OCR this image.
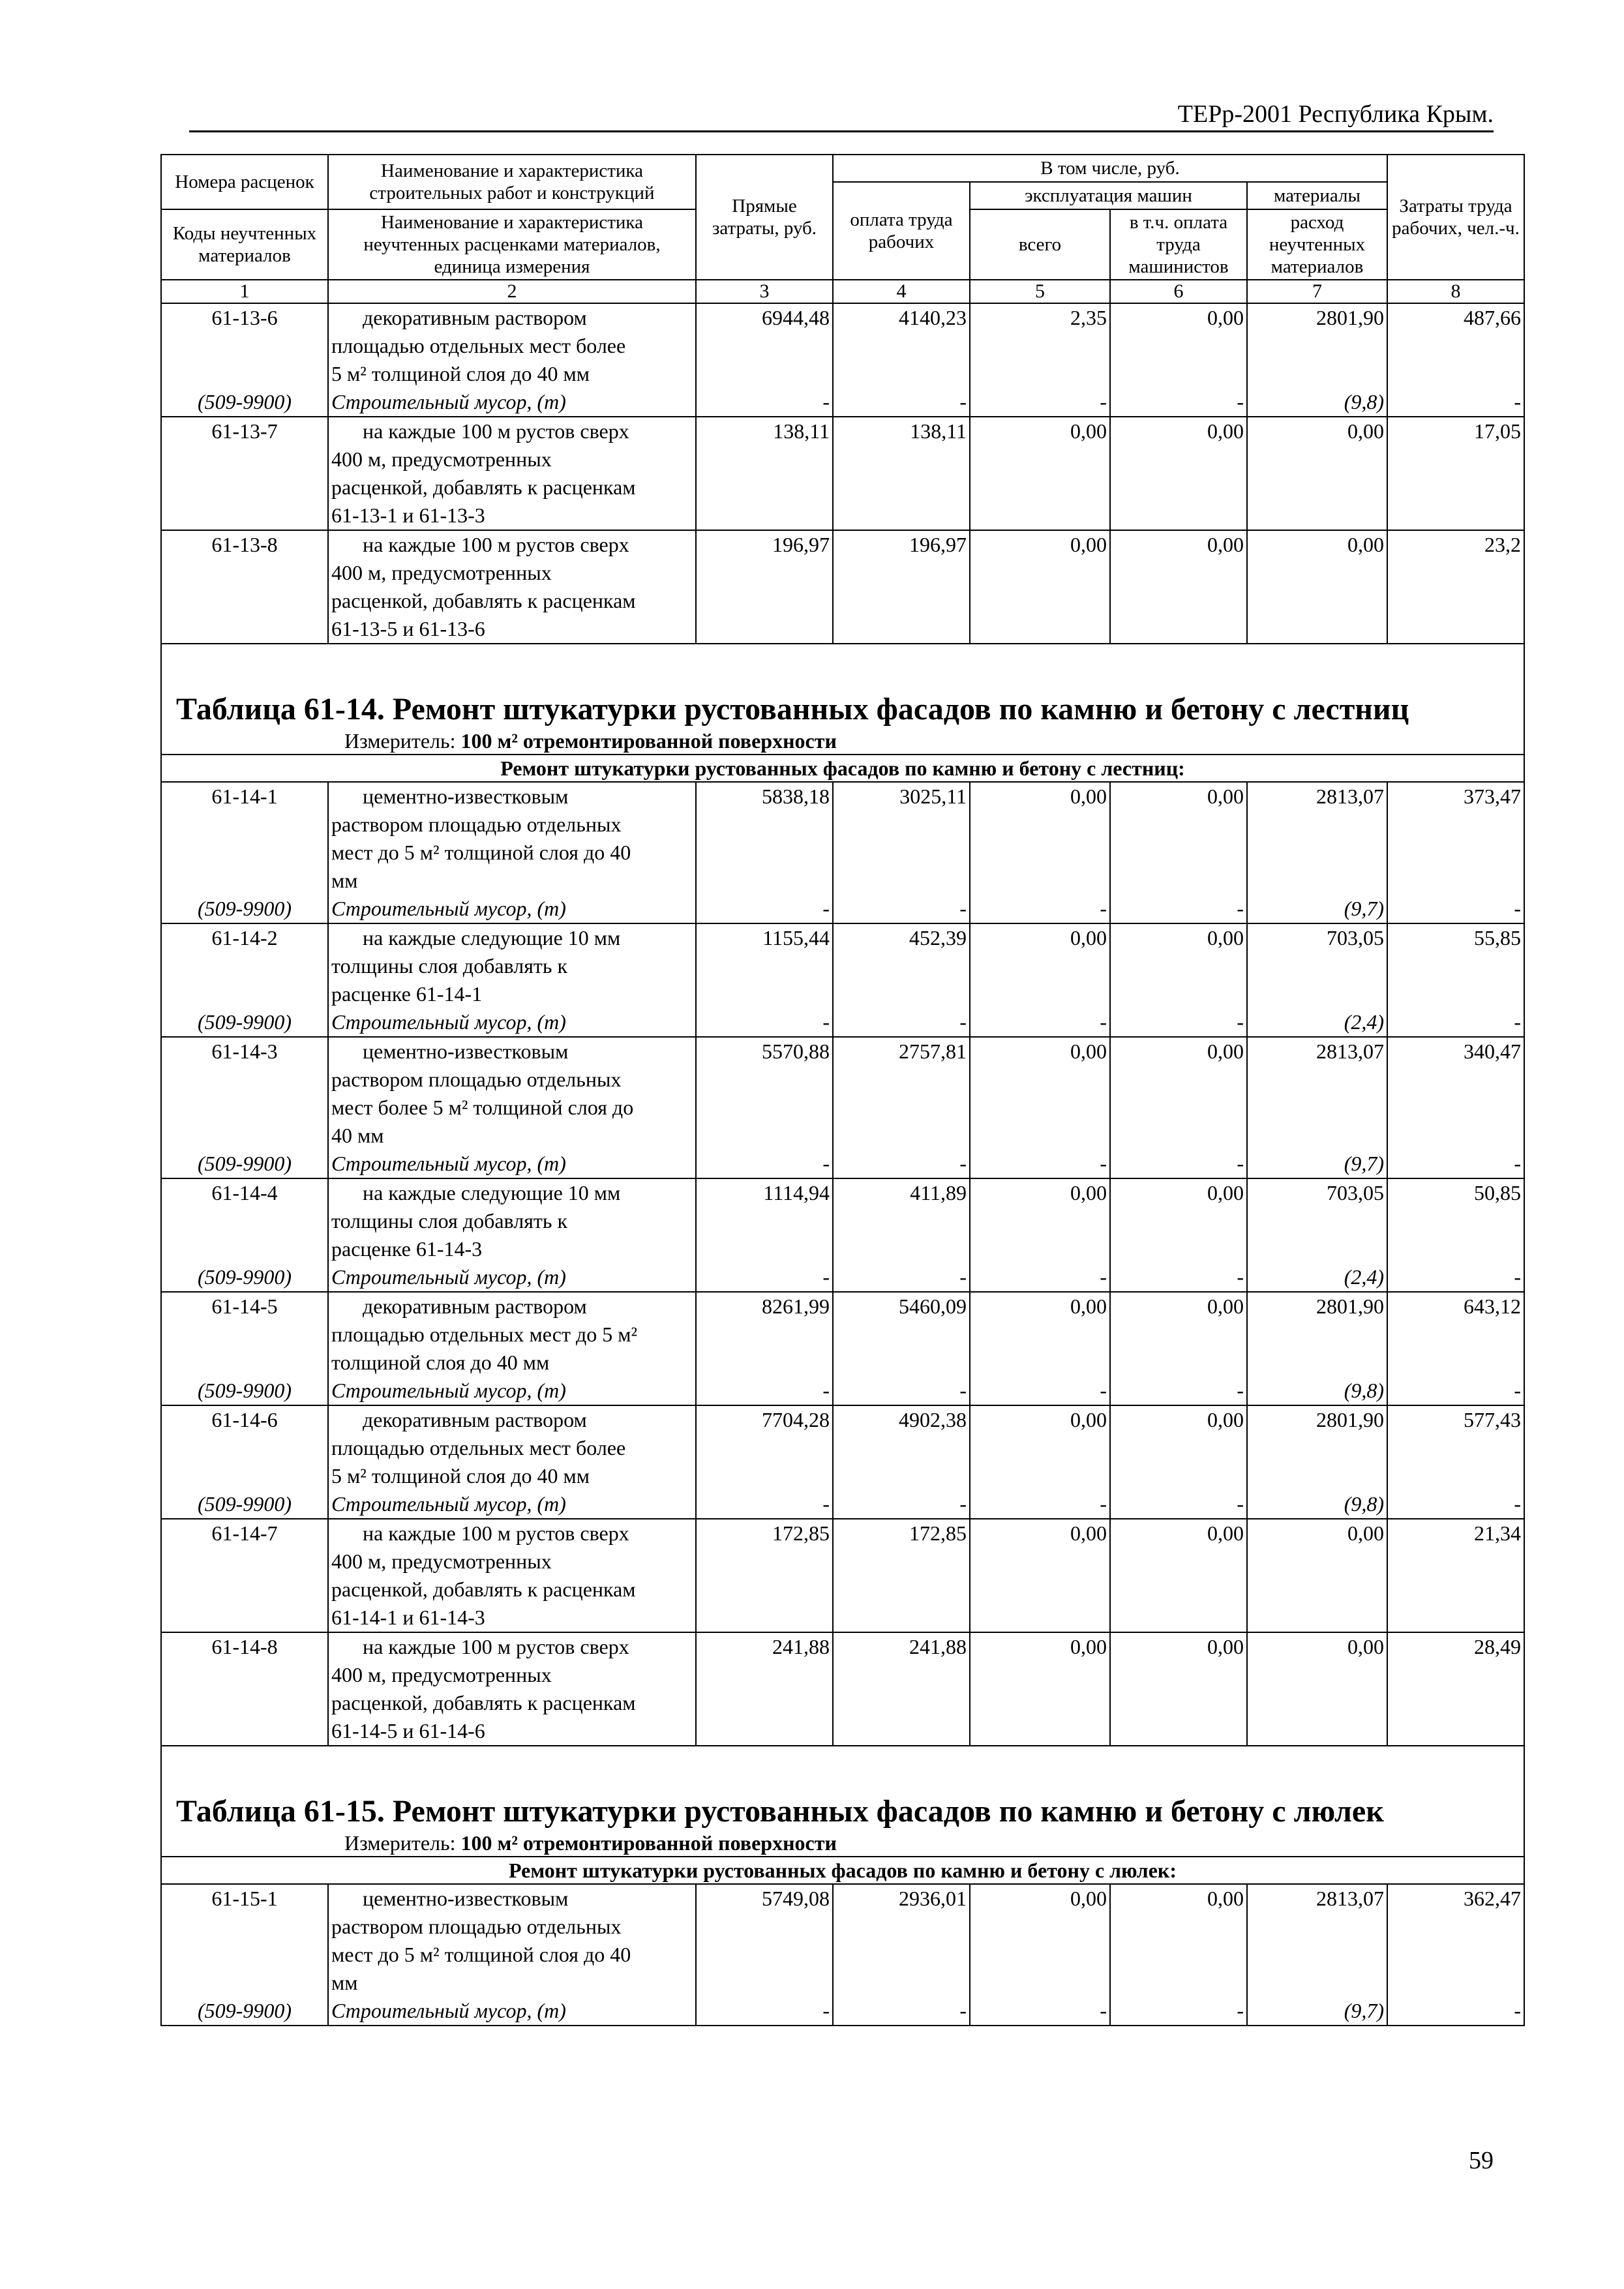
ТЕРр-2001 Республика Крым.
Номера расценок	Наименование и характеристика строительных работ и конструкций	Прямые затраты, руб.	В том числе, руб.				Затраты труда рабочих, чел.-ч.
			оплата труда рабочих	эксплуатация машин		материалы	
Коды неучтенных материалов	Наименование и характеристика неучтенных расценками материалов, единица измерения			всего	в т.ч. оплата труда машинистов	расход неучтенных материалов	

1	2	3	4	5	6	7	8
61-13-6	декоративным раствором
площадью отдельных мест более
5 м² толщиной слоя до 40 мм	6944,48	4140,23	2,35	0,00	2801,90	487,66
(509-9900)	Строительный мусор, (т)	-	-	-	-	(9,8)	-
61-13-7	на каждые 100 м рустов сверх
400 м, предусмотренных
расценкой, добавлять к расценкам
61-13-1 и 61-13-3	138,11	138,11	0,00	0,00	0,00	17,05
61-13-8	на каждые 100 м рустов сверх
400 м, предусмотренных
расценкой, добавлять к расценкам
61-13-5 и 61-13-6	196,97	196,97	0,00	0,00	0,00	23,2

Таблица 61-14. Ремонт штукатурки рустованных фасадов по камню и бетону с лестниц							
Измеритель: 100 м² отремонтированной поверхности							
Ремонт штукатурки рустованных фасадов по камню и бетону с лестниц:							
61-14-1	цементно-известковым
раствором площадью отдельных
мест до 5 м² толщиной слоя до 40
мм	5838,18	3025,11	0,00	0,00	2813,07	373,47
(509-9900)	Строительный мусор, (т)	-	-	-	-	(9,7)	-
61-14-2	на каждые следующие 10 мм
толщины слоя добавлять к
расценке 61-14-1	1155,44	452,39	0,00	0,00	703,05	55,85
(509-9900)	Строительный мусор, (т)	-	-	-	-	(2,4)	-
61-14-3	цементно-известковым
раствором площадью отдельных
мест более 5 м² толщиной слоя до
40 мм	5570,88	2757,81	0,00	0,00	2813,07	340,47
(509-9900)	Строительный мусор, (т)	-	-	-	-	(9,7)	-
61-14-4	на каждые следующие 10 мм
толщины слоя добавлять к
расценке 61-14-3	1114,94	411,89	0,00	0,00	703,05	50,85
(509-9900)	Строительный мусор, (т)	-	-	-	-	(2,4)	-
61-14-5	декоративным раствором
площадью отдельных мест до 5 м²
толщиной слоя до 40 мм	8261,99	5460,09	0,00	0,00	2801,90	643,12
(509-9900)	Строительный мусор, (т)	-	-	-	-	(9,8)	-
61-14-6	декоративным раствором
площадью отдельных мест более
5 м² толщиной слоя до 40 мм	7704,28	4902,38	0,00	0,00	2801,90	577,43
(509-9900)	Строительный мусор, (т)	-	-	-	-	(9,8)	-
61-14-7	на каждые 100 м рустов сверх
400 м, предусмотренных
расценкой, добавлять к расценкам
61-14-1 и 61-14-3	172,85	172,85	0,00	0,00	0,00	21,34
61-14-8	на каждые 100 м рустов сверх
400 м, предусмотренных
расценкой, добавлять к расценкам
61-14-5 и 61-14-6	241,88	241,88	0,00	0,00	0,00	28,49

Таблица 61-15. Ремонт штукатурки рустованных фасадов по камню и бетону с люлек							
Измеритель: 100 м² отремонтированной поверхности							
Ремонт штукатурки рустованных фасадов по камню и бетону с люлек:							
61-15-1	цементно-известковым
раствором площадью отдельных
мест до 5 м² толщиной слоя до 40
мм	5749,08	2936,01	0,00	0,00	2813,07	362,47
(509-9900)	Строительный мусор, (т)	-	-	-	-	(9,7)	-
59
